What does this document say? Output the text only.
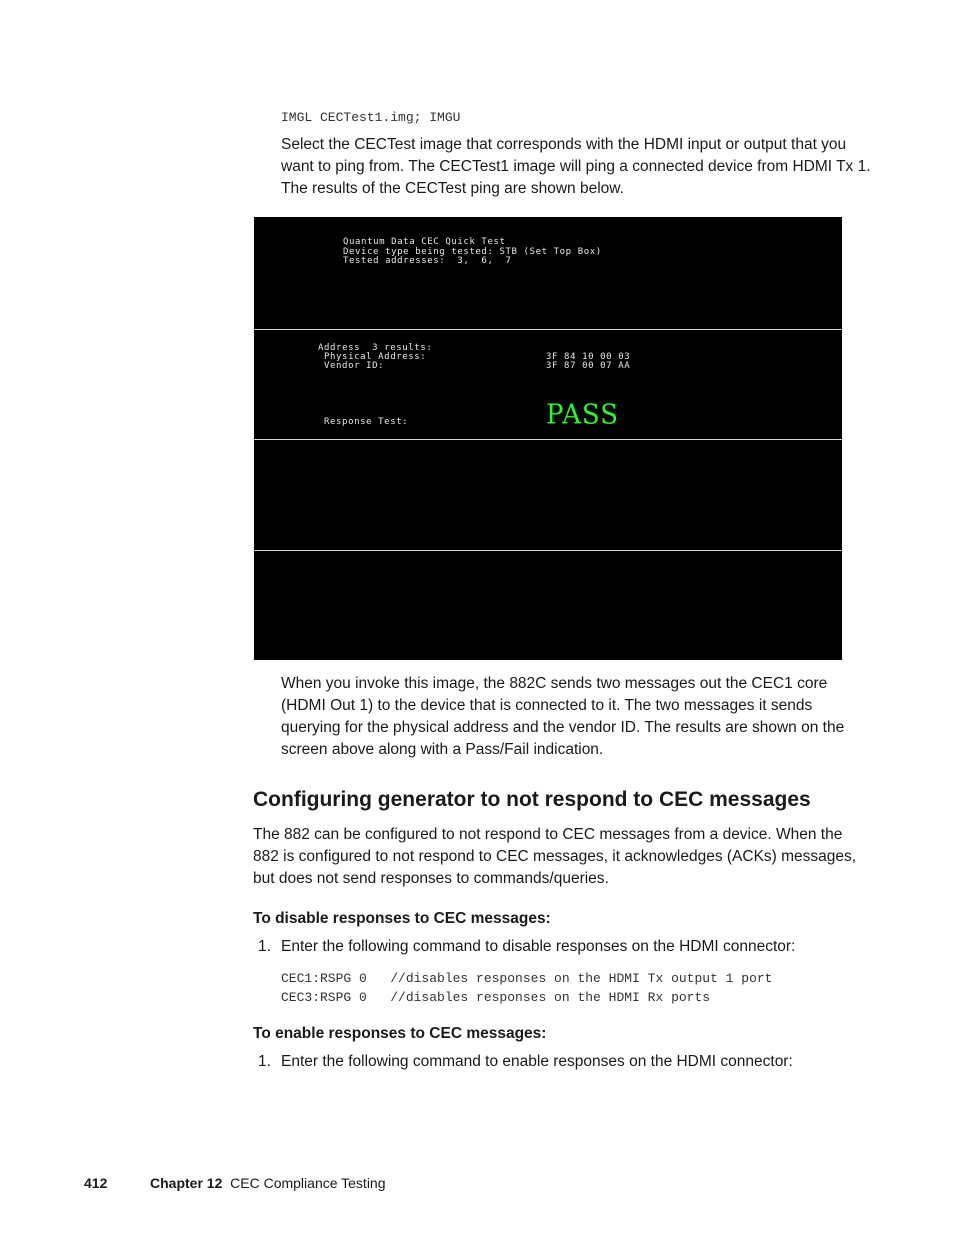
IMGL CECTest1.img; IMGU

Select the CECTest image that corresponds with the HDMI input or output that you want to ping from. The CECTest1 image will ping a connected device from HDMI Tx 1. The results of the CECTest ping are shown below.

Quantum Data CEC Quick Test
Device type being tested: STB (Set Top Box)
Tested addresses:  3,  6,  7
Address  3 results:
Physical Address:	3F 84 10 00 03
Vendor ID:	3F 87 00 07 AA
Response Test:	PASS

When you invoke this image, the 882C sends two messages out the CEC1 core (HDMI Out 1) to the device that is connected to it. The two messages it sends querying for the physical address and the vendor ID. The results are shown on the screen above along with a Pass/Fail indication.

Configuring generator to not respond to CEC messages

The 882 can be configured to not respond to CEC messages from a device. When the 882 is configured to not respond to CEC messages, it acknowledges (ACKs) messages, but does not send responses to commands/queries.

To disable responses to CEC messages:
1. Enter the following command to disable responses on the HDMI connector:
CEC1:RSPG 0   //disables responses on the HDMI Tx output 1 port
CEC3:RSPG 0   //disables responses on the HDMI Rx ports
To enable responses to CEC messages:
1. Enter the following command to enable responses on the HDMI connector:
412	Chapter 12 CEC Compliance Testing
